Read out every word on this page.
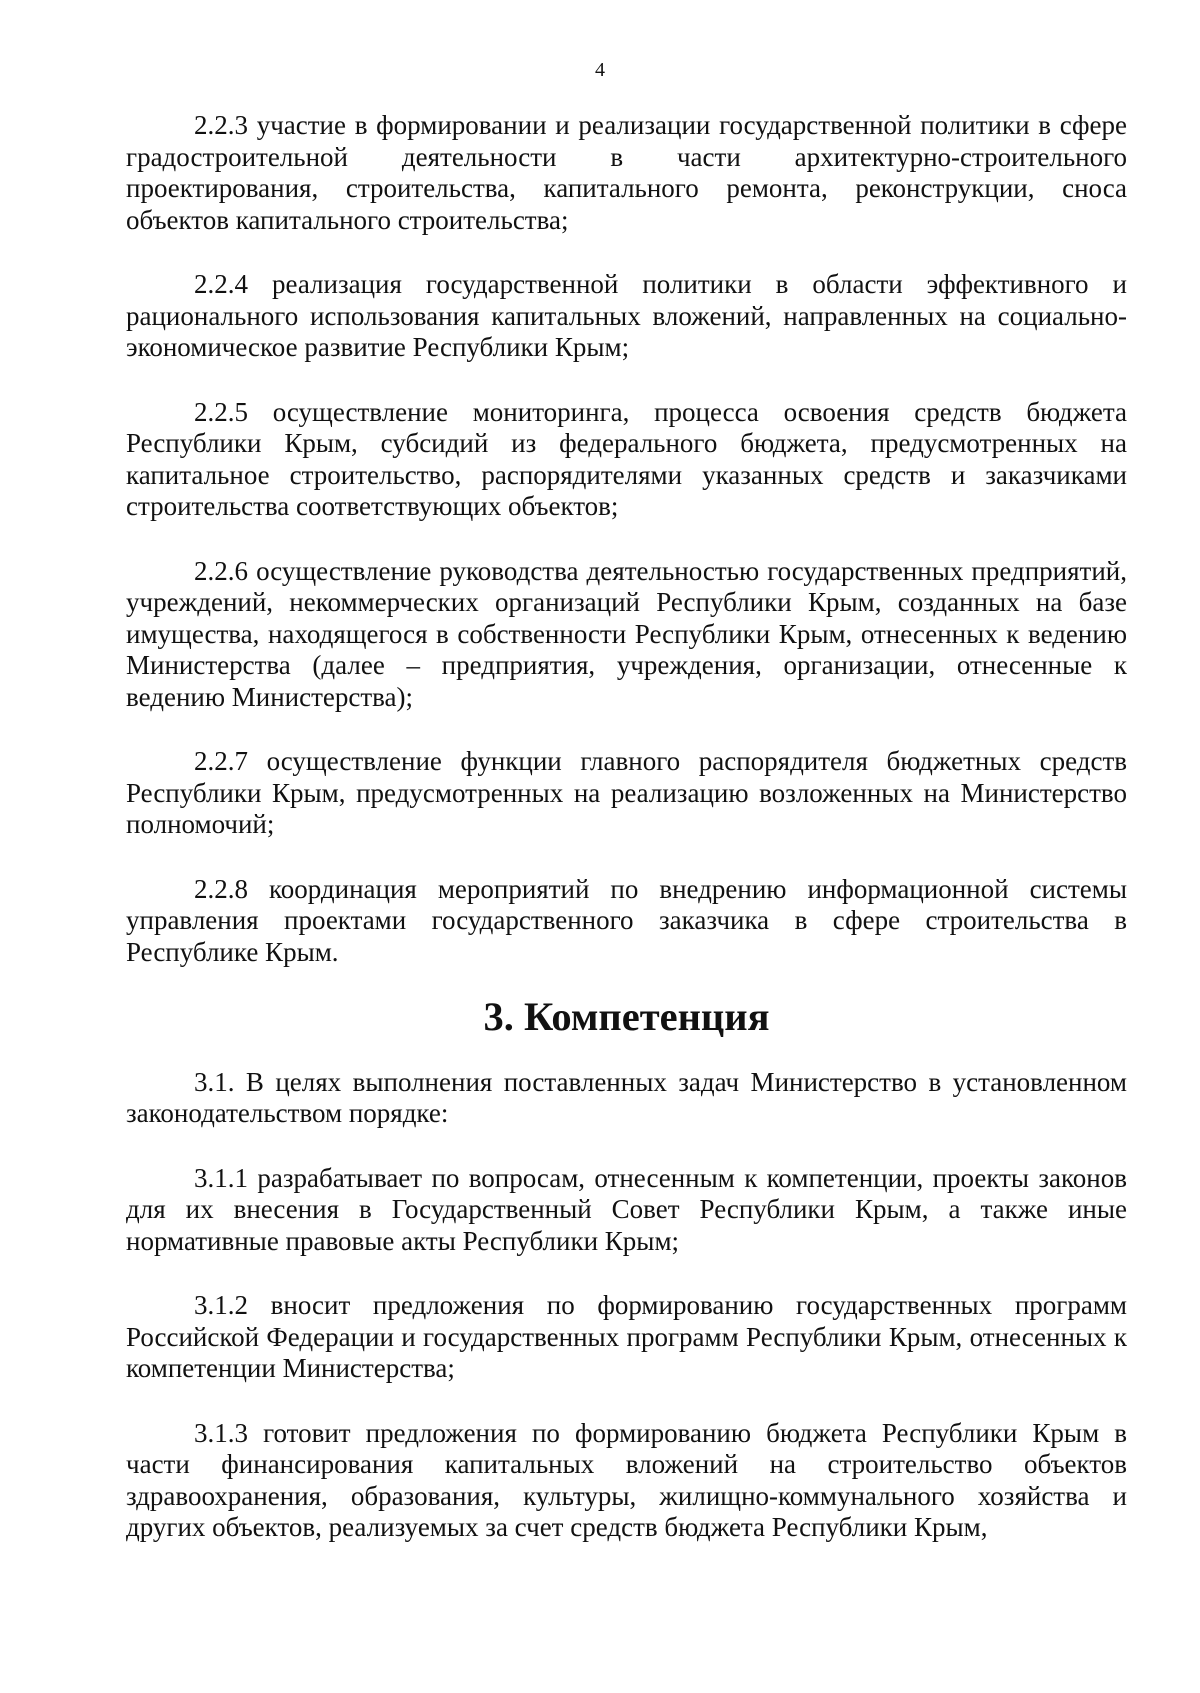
4

2.2.3 участие в формировании и реализации государственной политики в сфере градостроительной деятельности в части архитектурно-строительного проектирования, строительства, капитального ремонта, реконструкции, сноса объектов капитального строительства;

2.2.4 реализация государственной политики в области эффективного и рационального использования капитальных вложений, направленных на социально-экономическое развитие Республики Крым;

2.2.5 осуществление мониторинга, процесса освоения средств бюджета Республики Крым, субсидий из федерального бюджета, предусмотренных на капитальное строительство, распорядителями указанных средств и заказчиками строительства соответствующих объектов;

2.2.6 осуществление руководства деятельностью государственных предприятий, учреждений, некоммерческих организаций Республики Крым, созданных на базе имущества, находящегося в собственности Республики Крым, отнесенных к ведению Министерства (далее – предприятия, учреждения, организации, отнесенные к ведению Министерства);

2.2.7 осуществление функции главного распорядителя бюджетных средств Республики Крым, предусмотренных на реализацию возложенных на Министерство полномочий;

2.2.8 координация мероприятий по внедрению информационной системы управления проектами государственного заказчика в сфере строительства в Республике Крым.

3. Компетенция

3.1. В целях выполнения поставленных задач Министерство в установленном законодательством порядке:

3.1.1 разрабатывает по вопросам, отнесенным к компетенции, проекты законов для их внесения в Государственный Совет Республики Крым, а также иные нормативные правовые акты Республики Крым;

3.1.2 вносит предложения по формированию государственных программ Российской Федерации и государственных программ Республики Крым, отнесенных к компетенции Министерства;

3.1.3 готовит предложения по формированию бюджета Республики Крым в части финансирования капитальных вложений на строительство объектов здравоохранения, образования, культуры, жилищно-коммунального хозяйства и других объектов, реализуемых за счет средств бюджета Республики Крым,
